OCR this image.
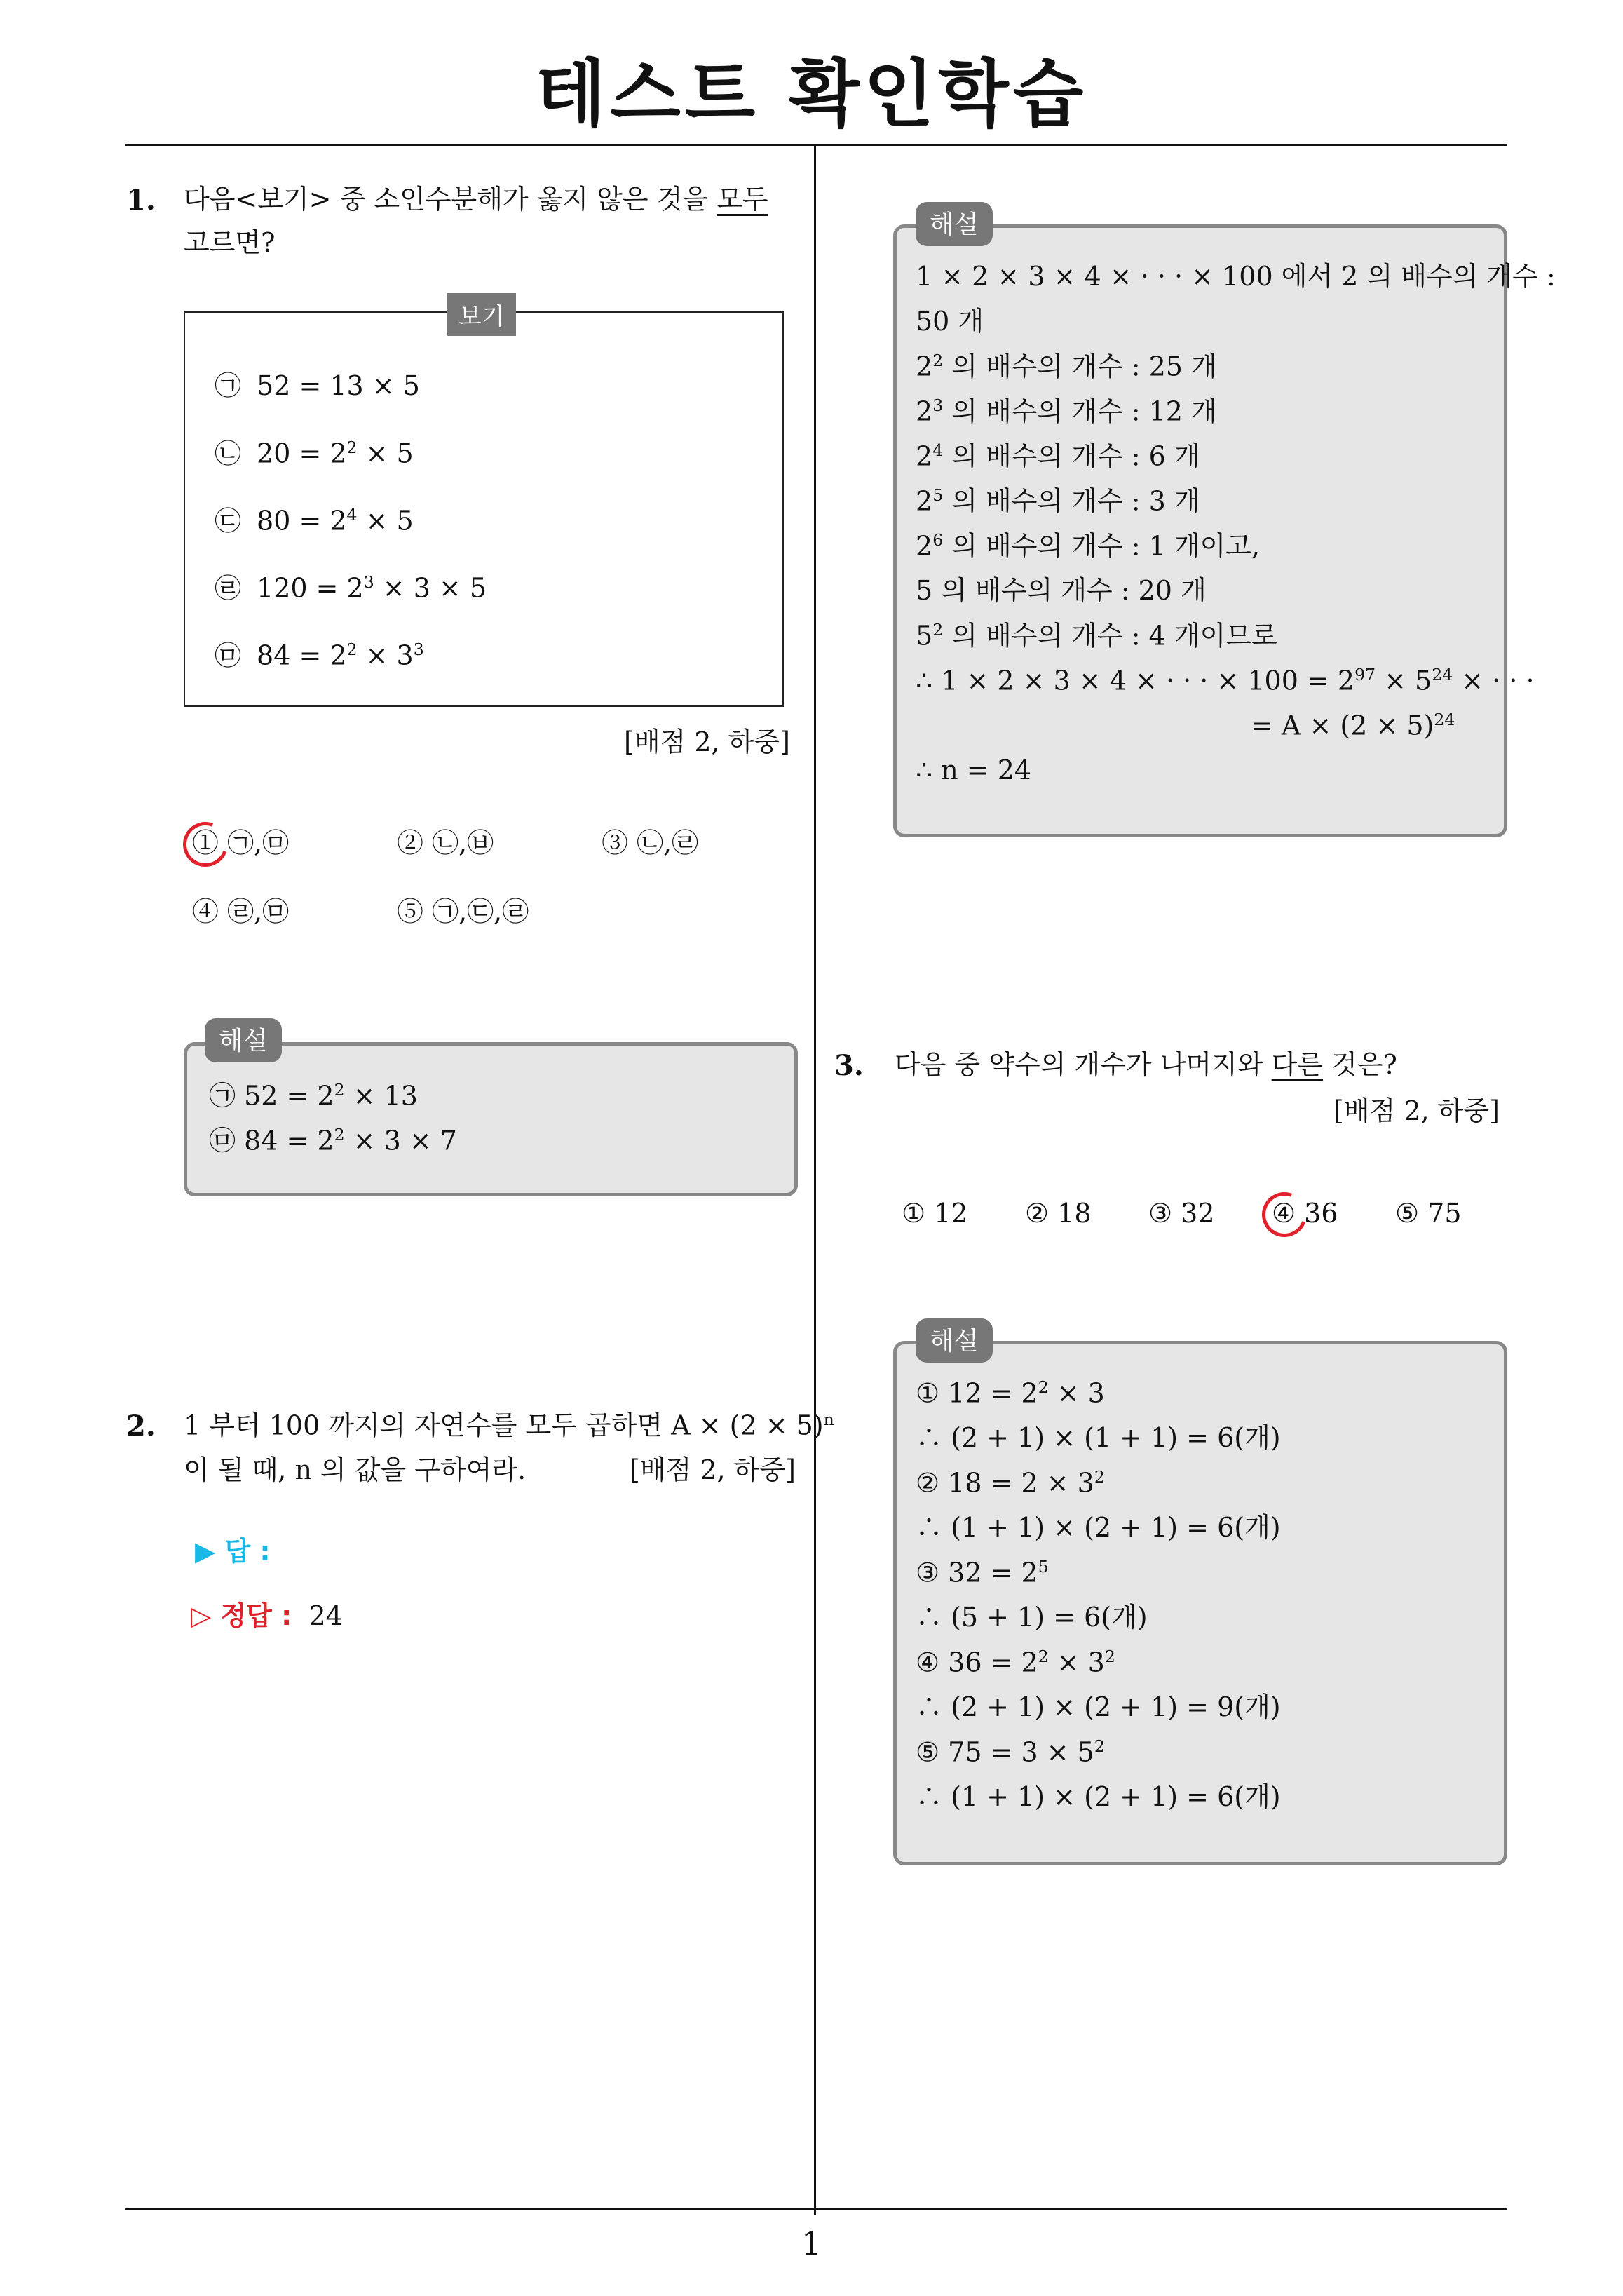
테스트 확인학습
1. 다음<보기> 중 소인수분해가 옳지 않은 것을 모두
고르면?
보기
㉠ 52 = 13 × 5
㉡ $20 = 2^2 \times 5$
㉢ $80 = 2^4 \times 5$
㉣ $120 = 2^3 \times 3 \times 5$
㉤ $84 = 2^2 \times 3^3$
[배점 2, 하중]
① ㉠,㉤	② ㉡,㉥	③ ㉡,㉣
④ ㉣,㉤	⑤ ㉠,㉢,㉣
해설
㉠ $52 = 2^2 \times 13$
㉤ $84 = 2^2 \times 3 \times 7$
2. 1 부터 100 까지의 자연수를 모두 곱하면 $A \times (2 \times 5)^n$
이 될 때, n 의 값을 구하여라.	[배점 2, 하중]
▶ 답 :
▷ 정답 : 24
해설
1 × 2 × 3 × 4 × · · · × 100 에서 2 의 배수의 개수 :
50 개
$2^2$ 의 배수의 개수 : 25 개
$2^3$ 의 배수의 개수 : 12 개
$2^4$ 의 배수의 개수 : 6 개
$2^5$ 의 배수의 개수 : 3 개
$2^6$ 의 배수의 개수 : 1 개이고,
5 의 배수의 개수 : 20 개
$5^2$ 의 배수의 개수 : 4 개이므로
∴ 1 × 2 × 3 × 4 × · · · × $100 = 2^{97} \times 5^{24}$ × · · ·
= $A \times (2 \times 5)^{24}$
∴ n = 24
3. 다음 중 약수의 개수가 나머지와 다른 것은?
[배점 2, 하중]
① 12 ② 18 ③ 32 ④ 36 ⑤ 75
해설
① $12 = 2^2 \times 3$
∴ (2 + 1) × (1 + 1) = 6(개)
② $18 = 2 \times 3^2$
∴ (1 + 1) × (2 + 1) = 6(개)
③ $32 = 2^5$
∴ (5 + 1) = 6(개)
④ $36 = 2^2 \times 3^2$
∴ (2 + 1) × (2 + 1) = 9(개)
⑤ $75 = 3 \times 5^2$
∴ (1 + 1) × (2 + 1) = 6(개)
1
